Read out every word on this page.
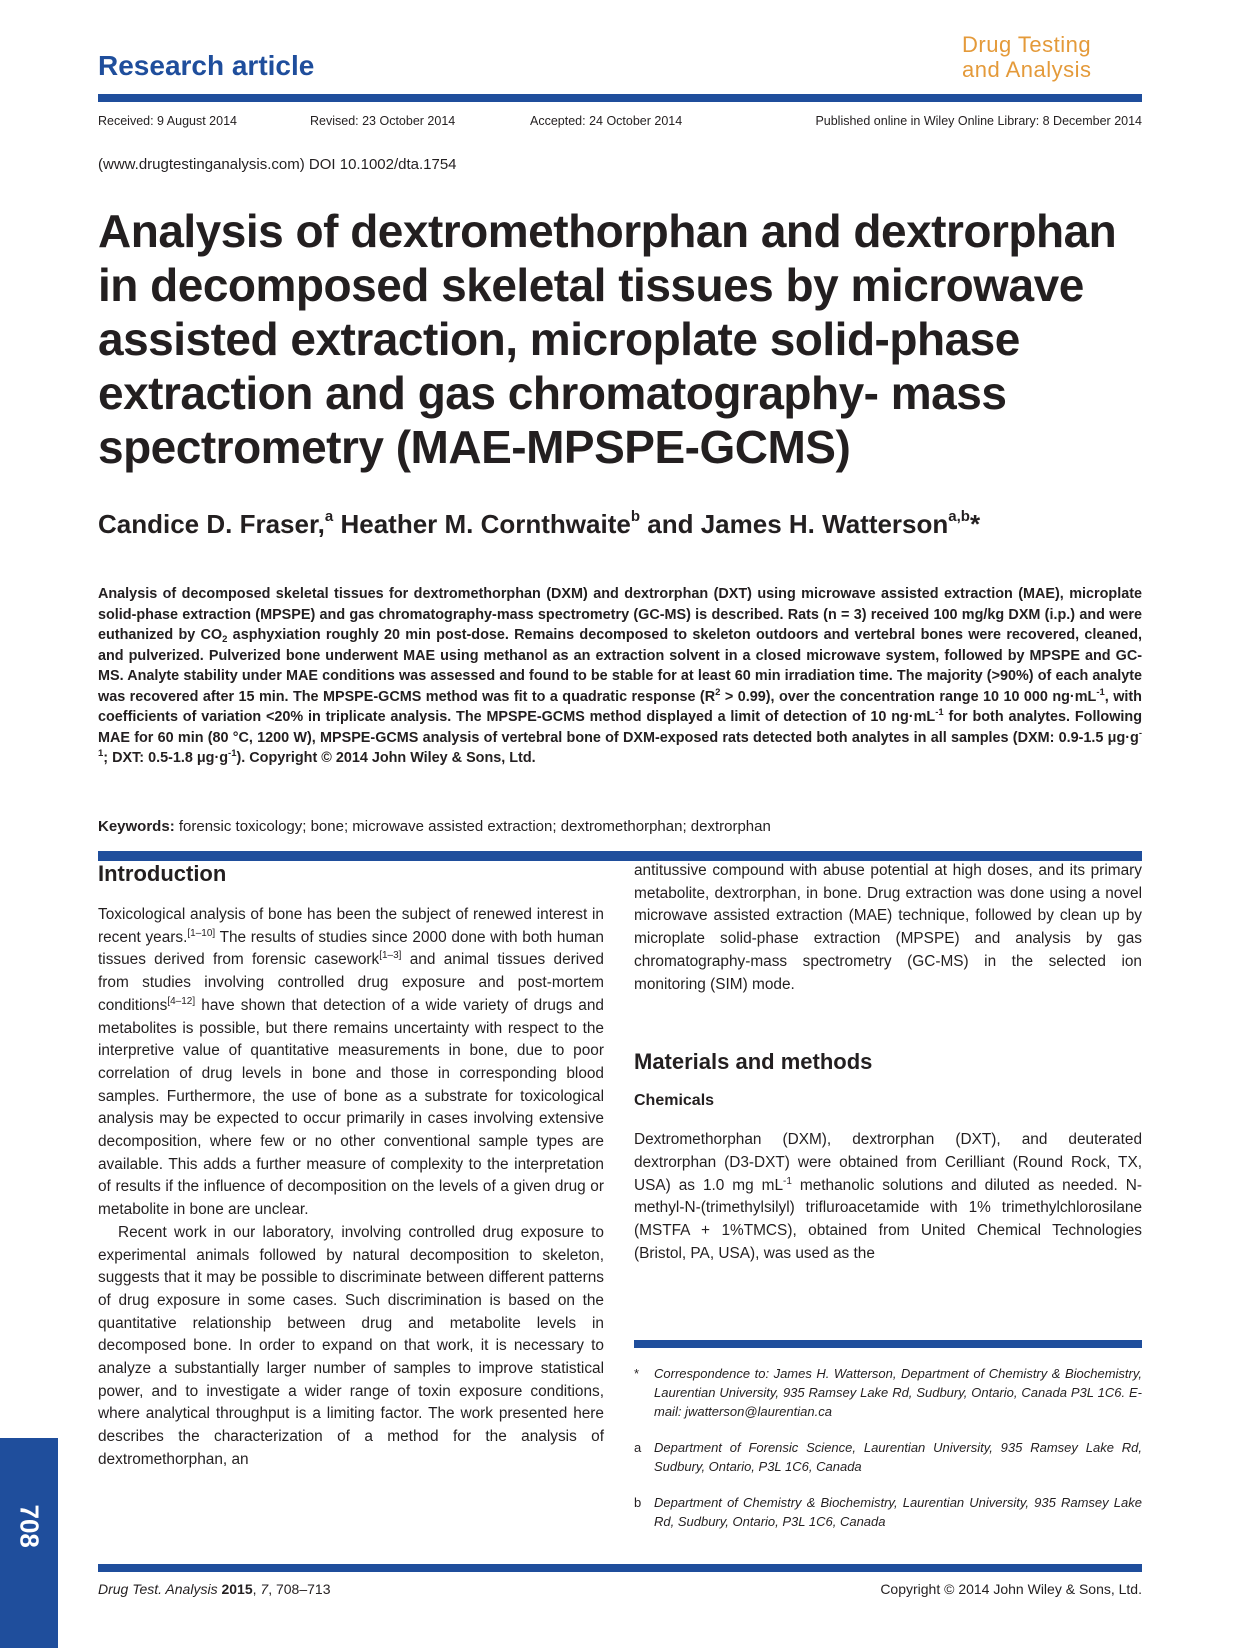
Research article
Drug Testing
and Analysis
Received: 9 August 2014	Revised: 23 October 2014	Accepted: 24 October 2014	Published online in Wiley Online Library: 8 December 2014
(www.drugtestinganalysis.com) DOI 10.1002/dta.1754
Analysis of dextromethorphan and dextrorphan in decomposed skeletal tissues by microwave assisted extraction, microplate solid-phase extraction and gas chromatography- mass spectrometry (MAE-MPSPE-GCMS)
Candice D. Fraser,$^a$ Heather M. Cornthwaite$^b$ and James H. Watterson$^{a,b}$*
Analysis of decomposed skeletal tissues for dextromethorphan (DXM) and dextrorphan (DXT) using microwave assisted extraction (MAE), microplate solid-phase extraction (MPSPE) and gas chromatography-mass spectrometry (GC-MS) is described. Rats (n = 3) received 100 mg/kg DXM (i.p.) and were euthanized by $CO_2$ asphyxiation roughly 20 min post-dose. Remains decomposed to skeleton outdoors and vertebral bones were recovered, cleaned, and pulverized. Pulverized bone underwent MAE using methanol as an extraction solvent in a closed microwave system, followed by MPSPE and GC-MS. Analyte stability under MAE conditions was assessed and found to be stable for at least 60 min irradiation time. The majority (>90%) of each analyte was recovered after 15 min. The MPSPE-GCMS method was fit to a quadratic response $(R^2 > 0.99)$, over the concentration range 10 10 000 $ng\cdot mL^{-1}$, with coefficients of variation <20% in triplicate analysis. The MPSPE-GCMS method displayed a limit of detection of 10 $ng\cdot mL^{-1}$ for both analytes. Following MAE for 60 min (80 °C, 1200 W), MPSPE-GCMS analysis of vertebral bone of DXM-exposed rats detected both analytes in all samples (DXM: 0.9-1.5 $\mu g\cdot g^{-1}$; DXT: 0.5-1.8 $\mu g\cdot g^{-1}$). Copyright © 2014 John Wiley & Sons, Ltd.
Keywords: forensic toxicology; bone; microwave assisted extraction; dextromethorphan; dextrorphan
Introduction

Toxicological analysis of bone has been the subject of renewed interest in recent years.[1–10] The results of studies since 2000 done with both human tissues derived from forensic casework[1–3] and animal tissues derived from studies involving controlled drug exposure and post-mortem conditions[4–12] have shown that detection of a wide variety of drugs and metabolites is possible, but there remains uncertainty with respect to the interpretive value of quantitative measurements in bone, due to poor correlation of drug levels in bone and those in corresponding blood samples. Furthermore, the use of bone as a substrate for toxicological analysis may be expected to occur primarily in cases involving extensive decomposition, where few or no other conventional sample types are available. This adds a further measure of complexity to the interpretation of results if the influence of decomposition on the levels of a given drug or metabolite in bone are unclear.

Recent work in our laboratory, involving controlled drug exposure to experimental animals followed by natural decomposition to skeleton, suggests that it may be possible to discriminate between different patterns of drug exposure in some cases. Such discrimination is based on the quantitative relationship between drug and metabolite levels in decomposed bone. In order to expand on that work, it is necessary to analyze a substantially larger number of samples to improve statistical power, and to investigate a wider range of toxin exposure conditions, where analytical throughput is a limiting factor. The work presented here describes the characterization of a method for the analysis of dextromethorphan, an

antitussive compound with abuse potential at high doses, and its primary metabolite, dextrorphan, in bone. Drug extraction was done using a novel microwave assisted extraction (MAE) technique, followed by clean up by microplate solid-phase extraction (MPSPE) and analysis by gas chromatography-mass spectrometry (GC-MS) in the selected ion monitoring (SIM) mode.

Materials and methods
Chemicals

Dextromethorphan (DXM), dextrorphan (DXT), and deuterated dextrorphan (D3-DXT) were obtained from Cerilliant (Round Rock, TX, USA) as 1.0 mg $mL^{-1}$ methanolic solutions and diluted as needed. N-methyl-N-(trimethylsilyl) trifluroacetamide with 1% trimethylchlorosilane (MSTFA + 1%TMCS), obtained from United Chemical Technologies (Bristol, PA, USA), was used as the

* Correspondence to: James H. Watterson, Department of Chemistry & Biochemistry, Laurentian University, 935 Ramsey Lake Rd, Sudbury, Ontario, Canada P3L 1C6. E-mail: jwatterson@laurentian.ca
a Department of Forensic Science, Laurentian University, 935 Ramsey Lake Rd, Sudbury, Ontario, P3L 1C6, Canada
b Department of Chemistry & Biochemistry, Laurentian University, 935 Ramsey Lake Rd, Sudbury, Ontario, P3L 1C6, Canada
Drug Test. Analysis 2015, 7, 708–713	Copyright © 2014 John Wiley & Sons, Ltd.
708
